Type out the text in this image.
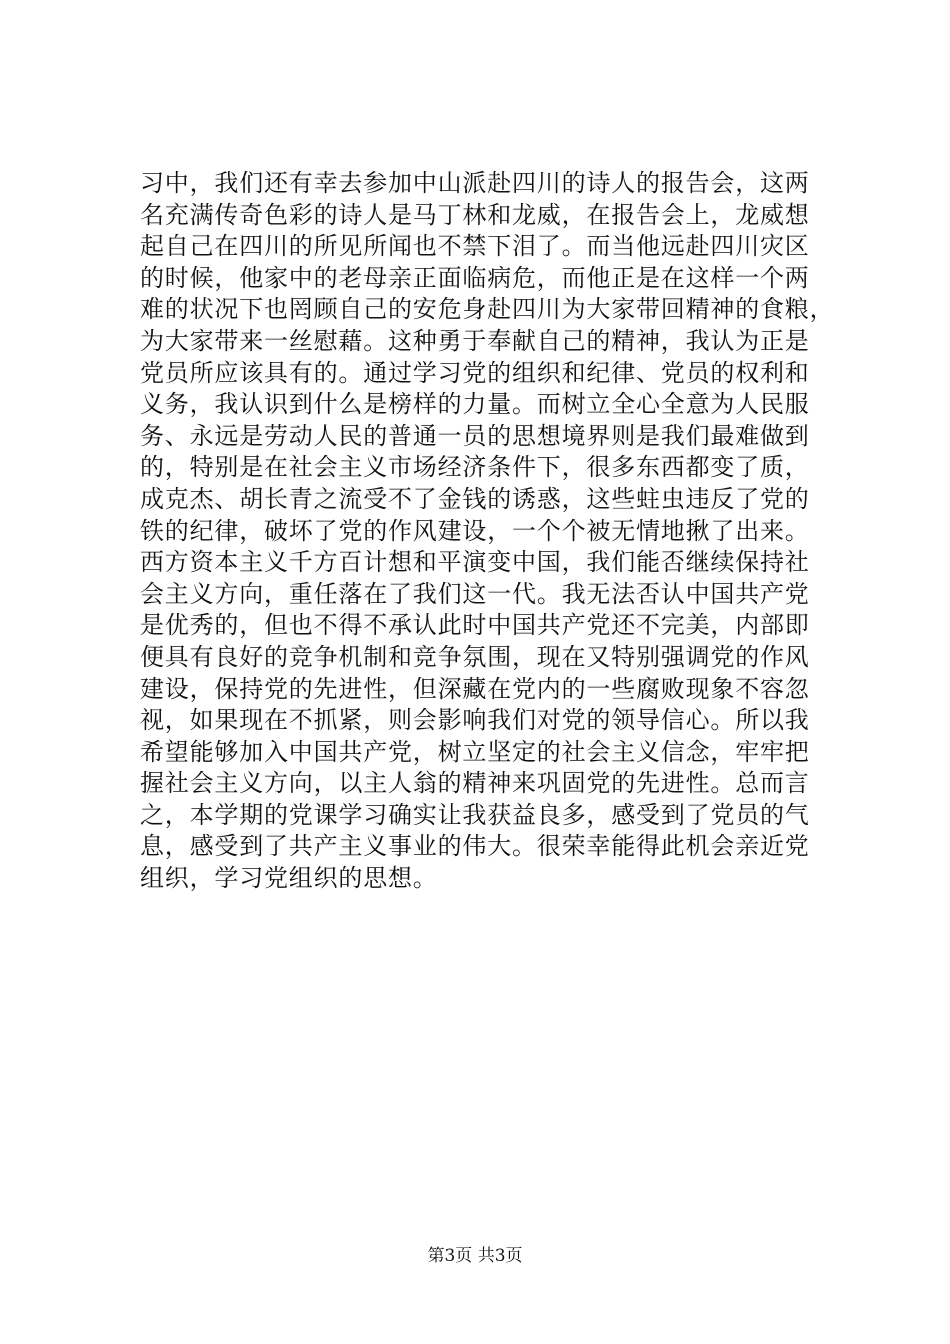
习中，我们还有幸去参加中山派赴四川的诗人的报告会，这两
名充满传奇色彩的诗人是马丁林和龙威，在报告会上，龙威想
起自己在四川的所见所闻也不禁下泪了。而当他远赴四川灾区
的时候，他家中的老母亲正面临病危，而他正是在这样一个两
难的状况下也罔顾自己的安危身赴四川为大家带回精神的食粮，
为大家带来一丝慰藉。这种勇于奉献自己的精神，我认为正是
党员所应该具有的。通过学习党的组织和纪律、党员的权利和
义务，我认识到什么是榜样的力量。而树立全心全意为人民服
务、永远是劳动人民的普通一员的思想境界则是我们最难做到
的，特别是在社会主义市场经济条件下，很多东西都变了质，
成克杰、胡长青之流受不了金钱的诱惑，这些蛀虫违反了党的
铁的纪律，破坏了党的作风建设，一个个被无情地揪了出来。
西方资本主义千方百计想和平演变中国，我们能否继续保持社
会主义方向，重任落在了我们这一代。我无法否认中国共产党
是优秀的，但也不得不承认此时中国共产党还不完美，内部即
便具有良好的竞争机制和竞争氛围，现在又特别强调党的作风
建设，保持党的先进性，但深藏在党内的一些腐败现象不容忽
视，如果现在不抓紧，则会影响我们对党的领导信心。所以我
希望能够加入中国共产党，树立坚定的社会主义信念，牢牢把
握社会主义方向，以主人翁的精神来巩固党的先进性。总而言
之，本学期的党课学习确实让我获益良多，感受到了党员的气
息，感受到了共产主义事业的伟大。很荣幸能得此机会亲近党
组织，学习党组织的思想。
第3页 共3页
